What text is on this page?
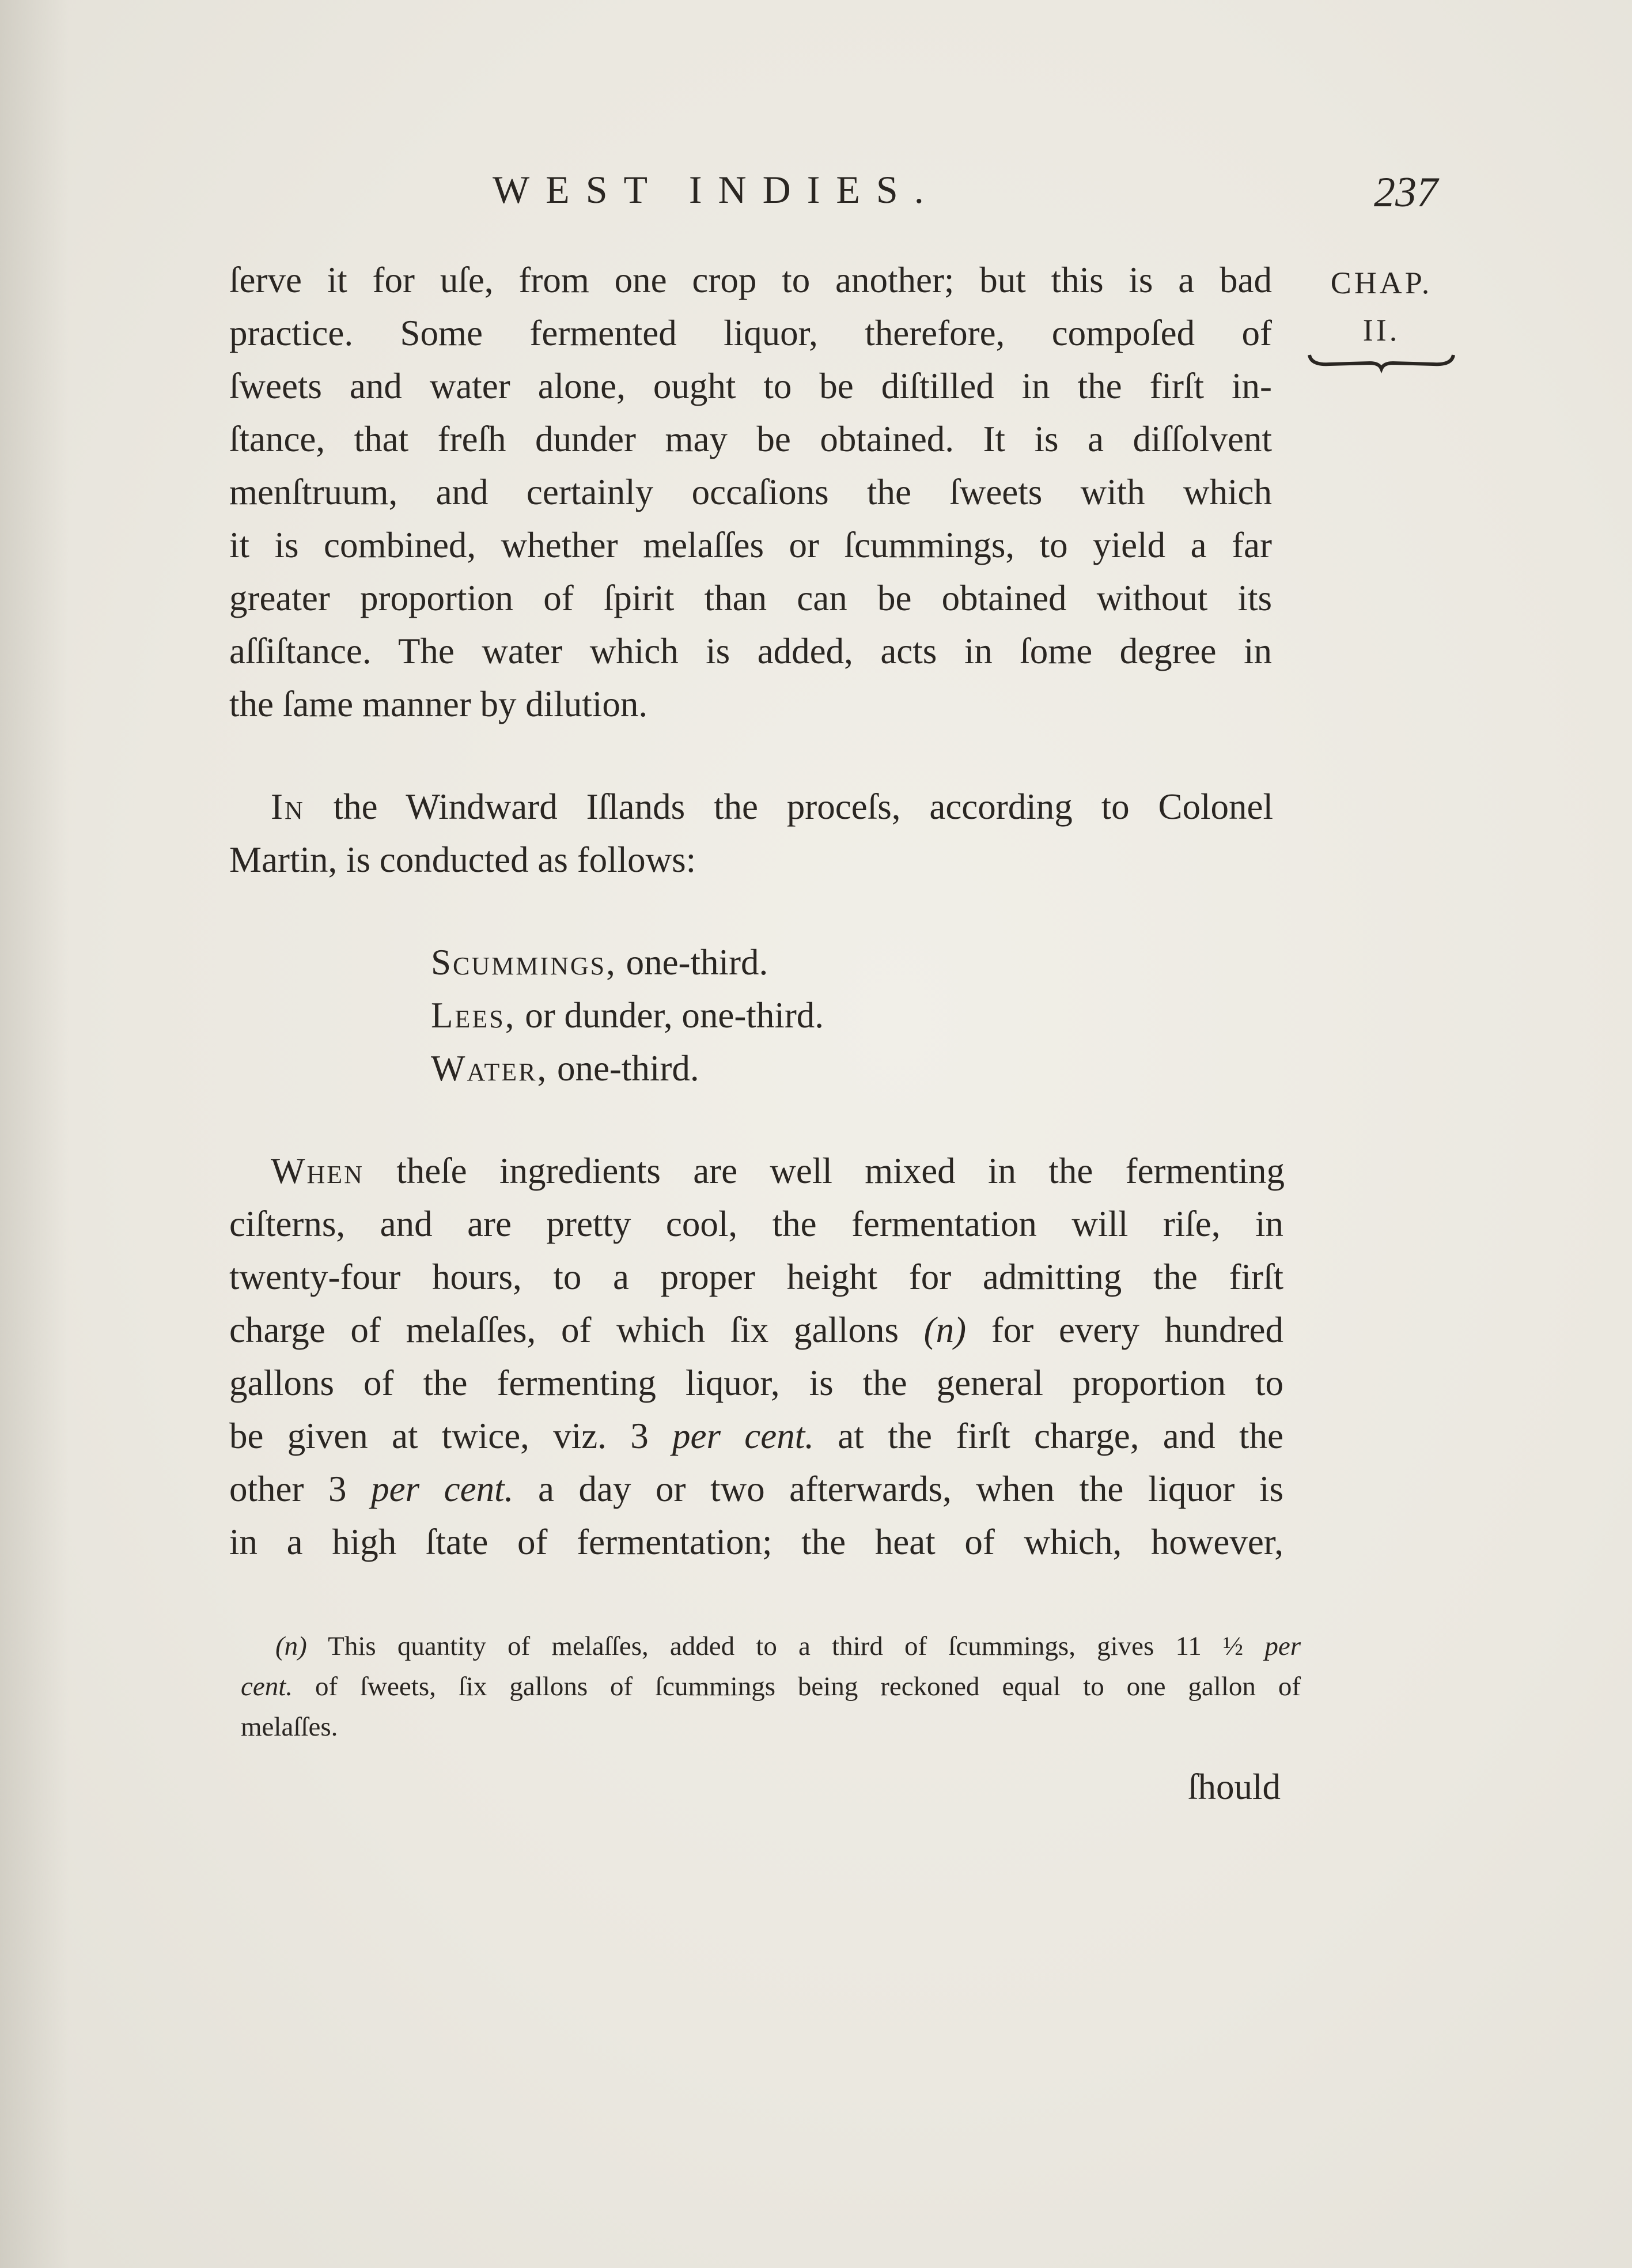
WEST INDIES.	237
CHAP.
II.
ſerve it for uſe, from one crop to another; but this is a bad
practice. Some fermented liquor, therefore, compoſed of
ſweets and water alone, ought to be diſtilled in the firſt in-
ſtance, that freſh dunder may be obtained. It is a diſſolvent
menſtruum, and certainly occaſions the ſweets with which
it is combined, whether melaſſes or ſcummings, to yield a far
greater proportion of ſpirit than can be obtained without its
aſſiſtance. The water which is added, acts in ſome degree in
the ſame manner by dilution.
In the Windward Iſlands the proceſs, according to Colonel
Martin, is conducted as follows:
Scummings, one-third.
Lees, or dunder, one-third.
Water, one-third.
When theſe ingredients are well mixed in the fermenting
ciſterns, and are pretty cool, the fermentation will riſe, in
twenty-four hours, to a proper height for admitting the firſt
charge of melaſſes, of which ſix gallons (n) for every hundred
gallons of the fermenting liquor, is the general proportion to
be given at twice, viz. 3 per cent. at the firſt charge, and the
other 3 per cent. a day or two afterwards, when the liquor is
in a high ſtate of fermentation; the heat of which, however,
(n) This quantity of melaſſes, added to a third of ſcummings, gives 11 ½ per
cent. of ſweets, ſix gallons of ſcummings being reckoned equal to one gallon of
melaſſes.
ſhould
